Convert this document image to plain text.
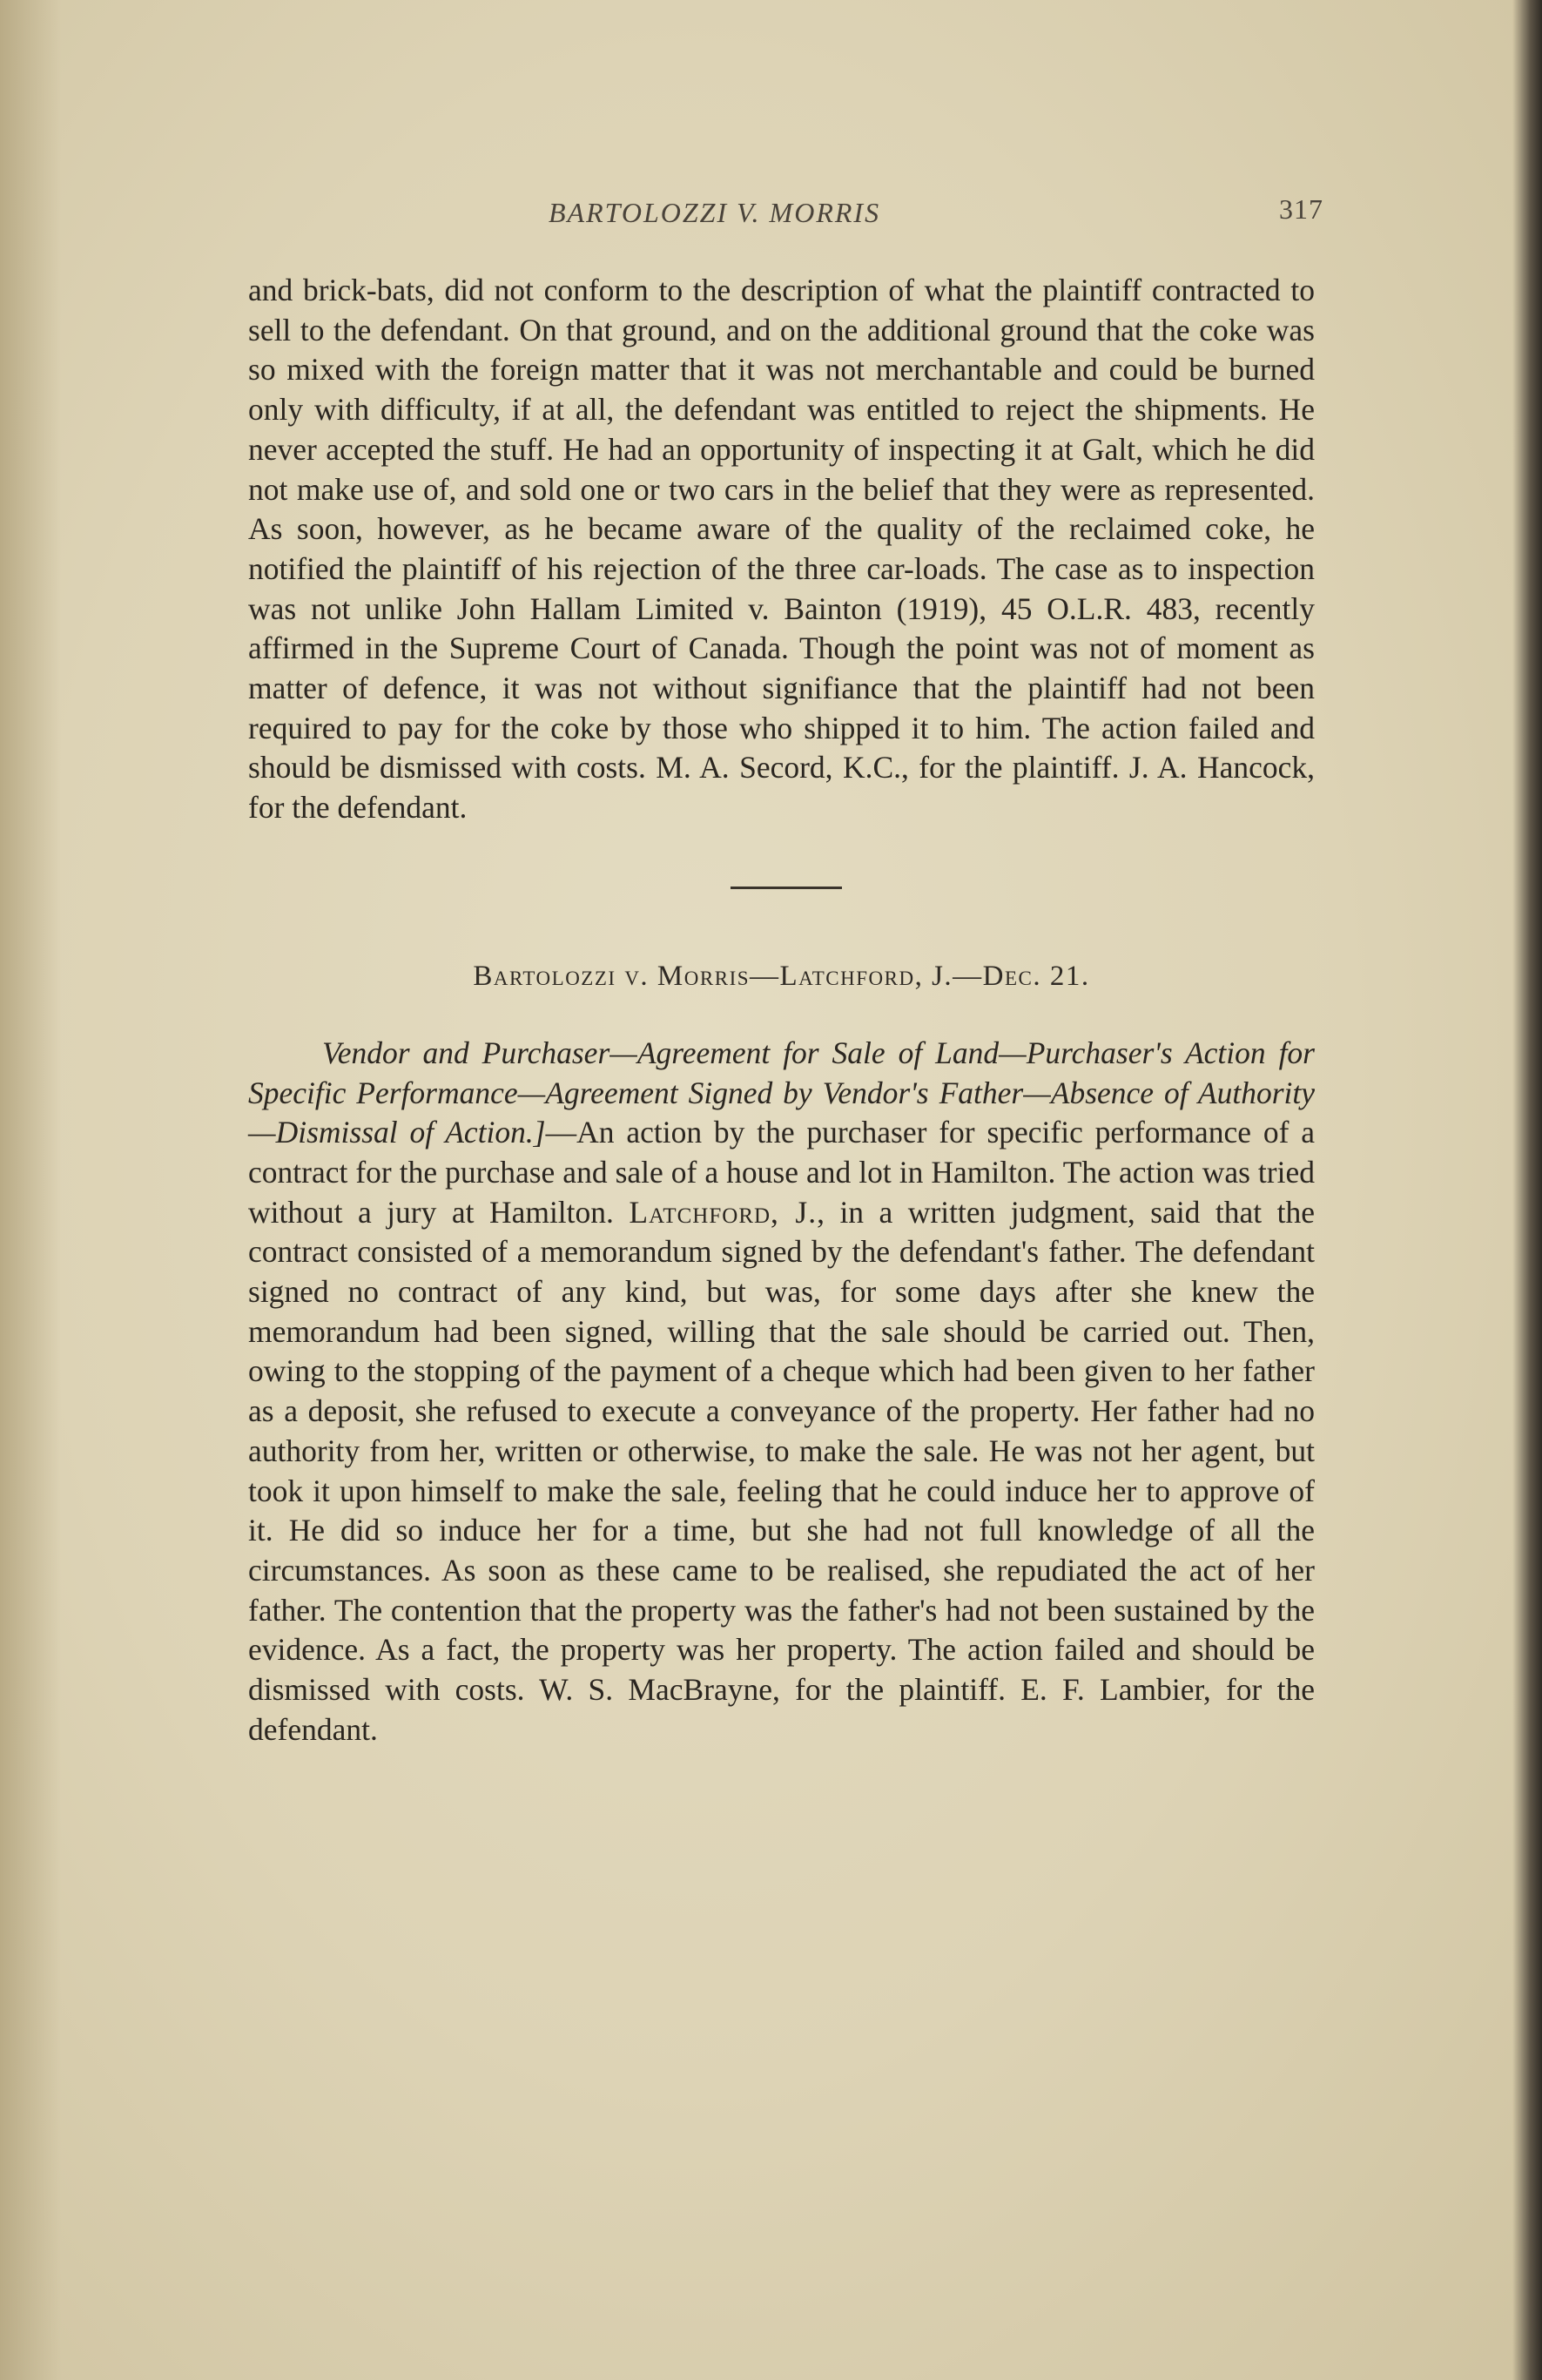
BARTOLOZZI V. MORRIS	317

and brick-bats, did not conform to the description of what the plaintiff contracted to sell to the defendant. On that ground, and on the additional ground that the coke was so mixed with the foreign matter that it was not merchantable and could be burned only with difficulty, if at all, the defendant was entitled to reject the shipments. He never accepted the stuff. He had an opportunity of inspecting it at Galt, which he did not make use of, and sold one or two cars in the belief that they were as represented. As soon, however, as he became aware of the quality of the reclaimed coke, he notified the plaintiff of his rejection of the three car-loads. The case as to inspection was not unlike John Hallam Limited v. Bainton (1919), 45 O.L.R. 483, recently affirmed in the Supreme Court of Canada. Though the point was not of moment as matter of defence, it was not without signifiance that the plaintiff had not been required to pay for the coke by those who shipped it to him. The action failed and should be dismissed with costs. M. A. Secord, K.C., for the plaintiff. J. A. Hancock, for the defendant.

Bartolozzi v. Morris—Latchford, J.—Dec. 21.

Vendor and Purchaser—Agreement for Sale of Land—Purchaser's Action for Specific Performance—Agreement Signed by Vendor's Father—Absence of Authority—Dismissal of Action.]—An action by the purchaser for specific performance of a contract for the purchase and sale of a house and lot in Hamilton. The action was tried without a jury at Hamilton. Latchford, J., in a written judgment, said that the contract consisted of a memorandum signed by the defendant's father. The defendant signed no contract of any kind, but was, for some days after she knew the memorandum had been signed, willing that the sale should be carried out. Then, owing to the stopping of the payment of a cheque which had been given to her father as a deposit, she refused to execute a conveyance of the property. Her father had no authority from her, written or otherwise, to make the sale. He was not her agent, but took it upon himself to make the sale, feeling that he could induce her to approve of it. He did so induce her for a time, but she had not full knowledge of all the circumstances. As soon as these came to be realised, she repudiated the act of her father. The contention that the property was the father's had not been sustained by the evidence. As a fact, the property was her property. The action failed and should be dismissed with costs. W. S. MacBrayne, for the plaintiff. E. F. Lambier, for the defendant.
